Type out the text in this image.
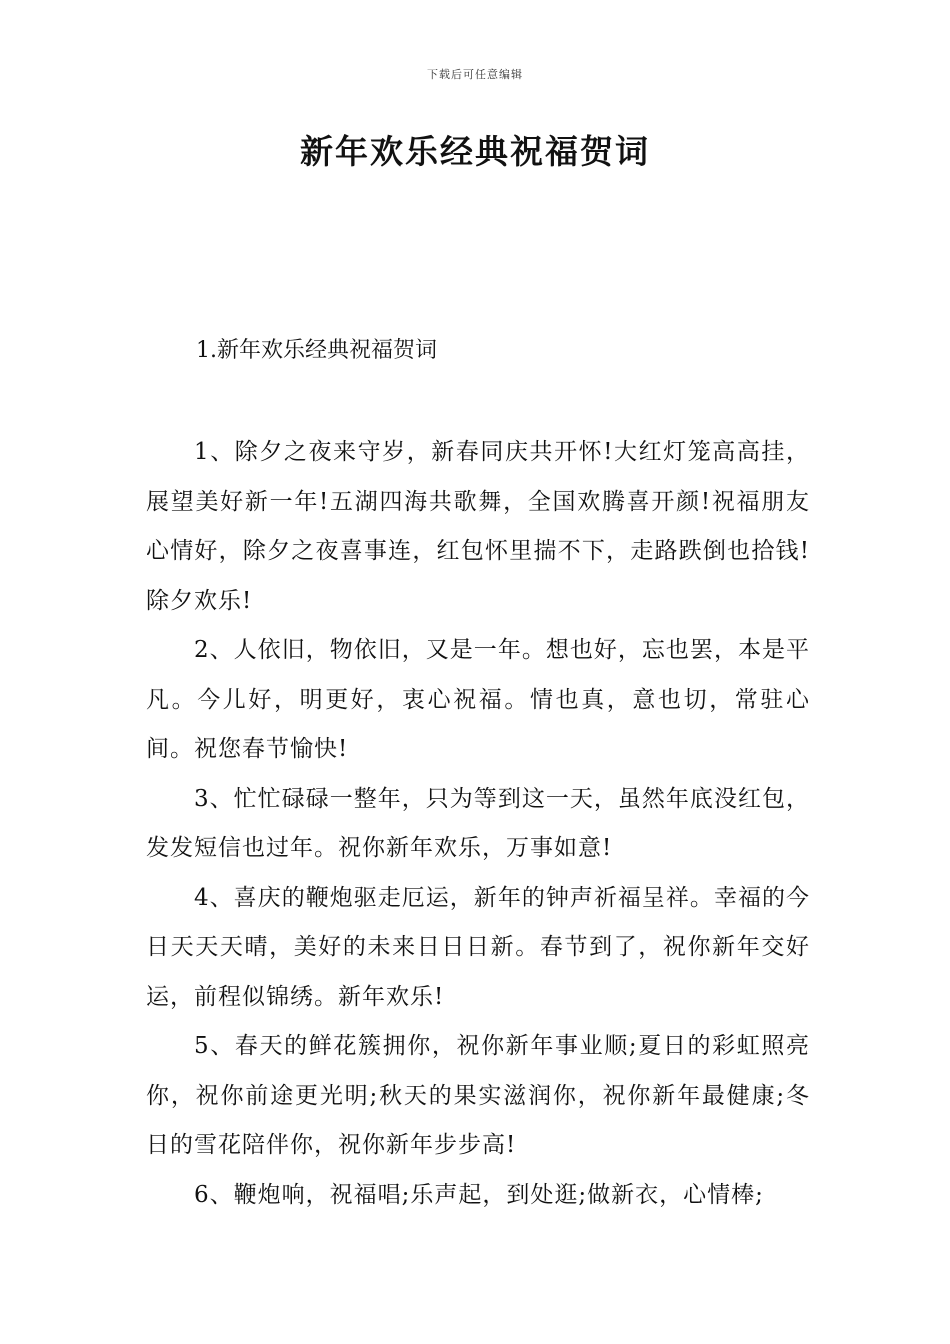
下载后可任意编辑
新年欢乐经典祝福贺词
1.新年欢乐经典祝福贺词

1、除夕之夜来守岁，新春同庆共开怀!大红灯笼高高挂，展望美好新一年!五湖四海共歌舞，全国欢腾喜开颜!祝福朋友心情好，除夕之夜喜事连，红包怀里揣不下，走路跌倒也拾钱!除夕欢乐!

2、人依旧，物依旧，又是一年。想也好，忘也罢，本是平凡。今儿好，明更好，衷心祝福。情也真，意也切，常驻心间。祝您春节愉快!

3、忙忙碌碌一整年，只为等到这一天，虽然年底没红包，发发短信也过年。祝你新年欢乐，万事如意!

4、喜庆的鞭炮驱走厄运，新年的钟声祈福呈祥。幸福的今日天天天晴，美好的未来日日日新。春节到了，祝你新年交好运，前程似锦绣。新年欢乐!

5、春天的鲜花簇拥你，祝你新年事业顺;夏日的彩虹照亮你，祝你前途更光明;秋天的果实滋润你，祝你新年最健康;冬日的雪花陪伴你，祝你新年步步高!

6、鞭炮响，祝福唱;乐声起，到处逛;做新衣，心情棒;
